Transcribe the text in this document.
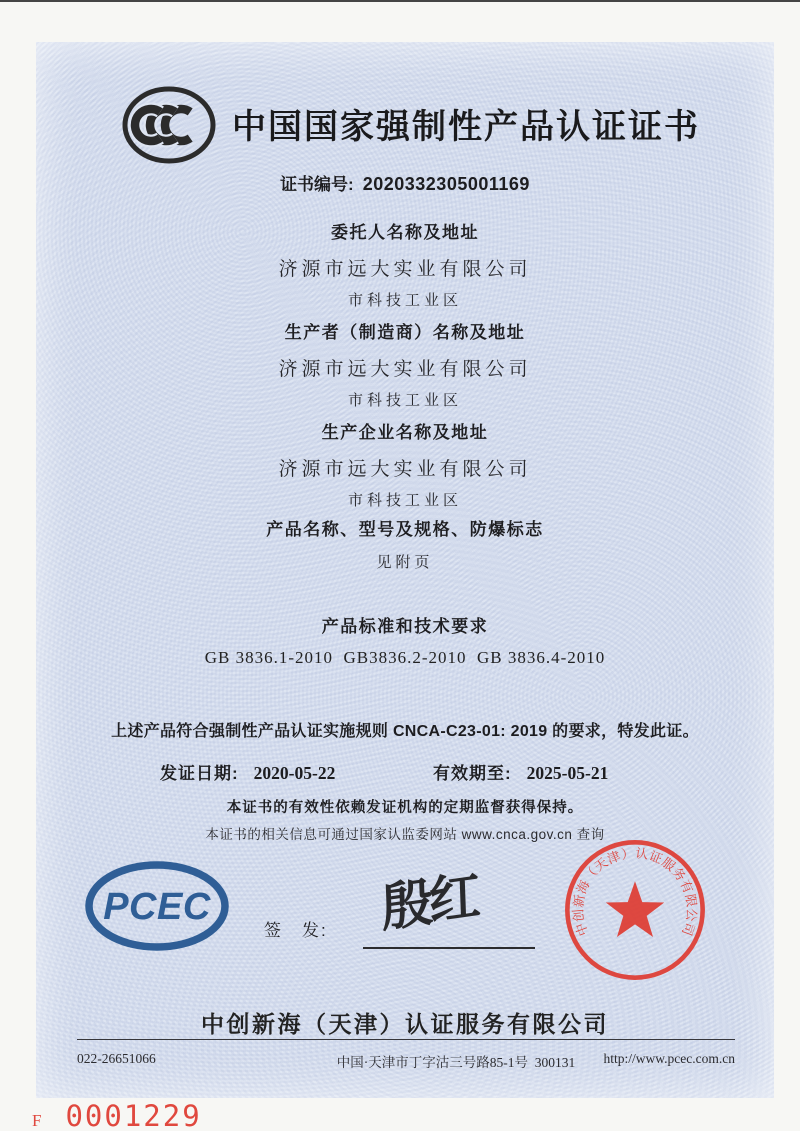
中国国家强制性产品认证证书
证书编号: 2020332305001169
委托人名称及地址
济源市远大实业有限公司
市科技工业区
生产者（制造商）名称及地址
济源市远大实业有限公司
市科技工业区
生产企业名称及地址
济源市远大实业有限公司
市科技工业区
产品名称、型号及规格、防爆标志
见附页
产品标准和技术要求
GB 3836.1-2010  GB3836.2-2010  GB 3836.4-2010
上述产品符合强制性产品认证实施规则 CNCA-C23-01: 2019 的要求，特发此证。
发证日期: 2020-05-22	有效期至: 2025-05-21
本证书的有效性依赖发证机构的定期监督获得保持。
本证书的相关信息可通过国家认监委网站 www.cnca.gov.cn 查询
PCEC
签　发: 殷红	中创新海（天津）认证服务有限公司
中创新海（天津）认证服务有限公司
022-26651066	中国·天津市丁字沽三号路85-1号  300131	http://www.pcec.com.cn
F 0001229
